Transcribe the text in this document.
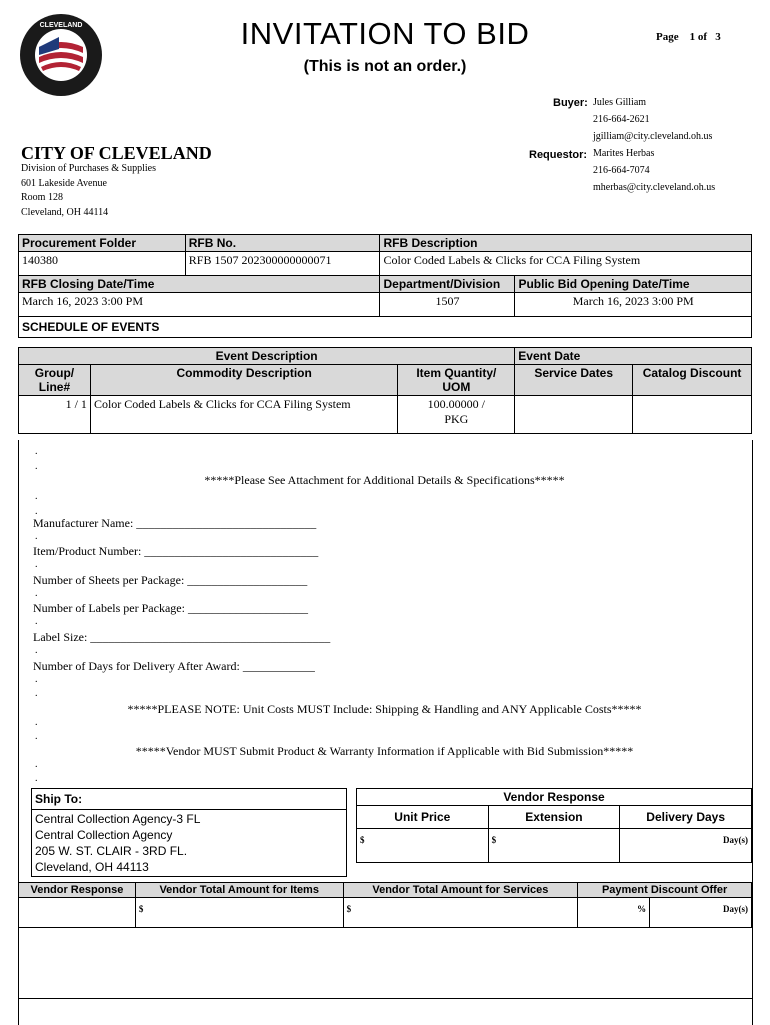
CLEVELAND	INVITATION TO BID
(This is not an order.)
Page 1 of 3
Buyer: Jules Gilliam
216-664-2621
jgilliam@city.cleveland.oh.us
Requestor: Marites Herbas
216-664-7074
mherbas@city.cleveland.oh.us
CITY OF CLEVELAND
Division of Purchases & Supplies
601 Lakeside Avenue
Room 128
Cleveland, OH 44114
Procurement Folder	RFB No.	RFB Description	
140380	RFB 1507 202300000000071	Color Coded Labels & Clicks for CCA Filing System	
RFB Closing Date/Time		Department/Division	Public Bid Opening Date/Time
March 16, 2023 3:00 PM		1507	March 16, 2023 3:00 PM
SCHEDULE OF EVENTS			
Event Description			Event Date	
Group/ Line#	Commodity Description	Item Quantity/ UOM	Service Dates	Catalog Discount
1 / 1	Color Coded Labels & Clicks for CCA Filing System	100.00000 /
PKG		

.
.
*****Please See Attachment for Additional Details & Specifications*****
.
.
Manufacturer Name: ______________________________
.
Item/Product Number: _____________________________
.
Number of Sheets per Package: ____________________
.
Number of Labels per Package: ____________________
.
Label Size: ________________________________________
.
Number of Days for Delivery After Award: ____________
.
.
*****PLEASE NOTE: Unit Costs MUST Include: Shipping & Handling and ANY Applicable Costs*****
.
.
*****Vendor MUST Submit Product & Warranty Information if Applicable with Bid Submission*****
.
.
Ship To:

Central Collection Agency-3 FL
Central Collection Agency
205 W. ST. CLAIR - 3RD FL.
Cleveland, OH 44113
Vendor Response		
Unit Price	Extension	Delivery Days
$	$	Day(s)
Vendor Response	Vendor Total Amount for Items	Vendor Total Amount for Services	Payment Discount Offer	
	$	$	%	Day(s)
